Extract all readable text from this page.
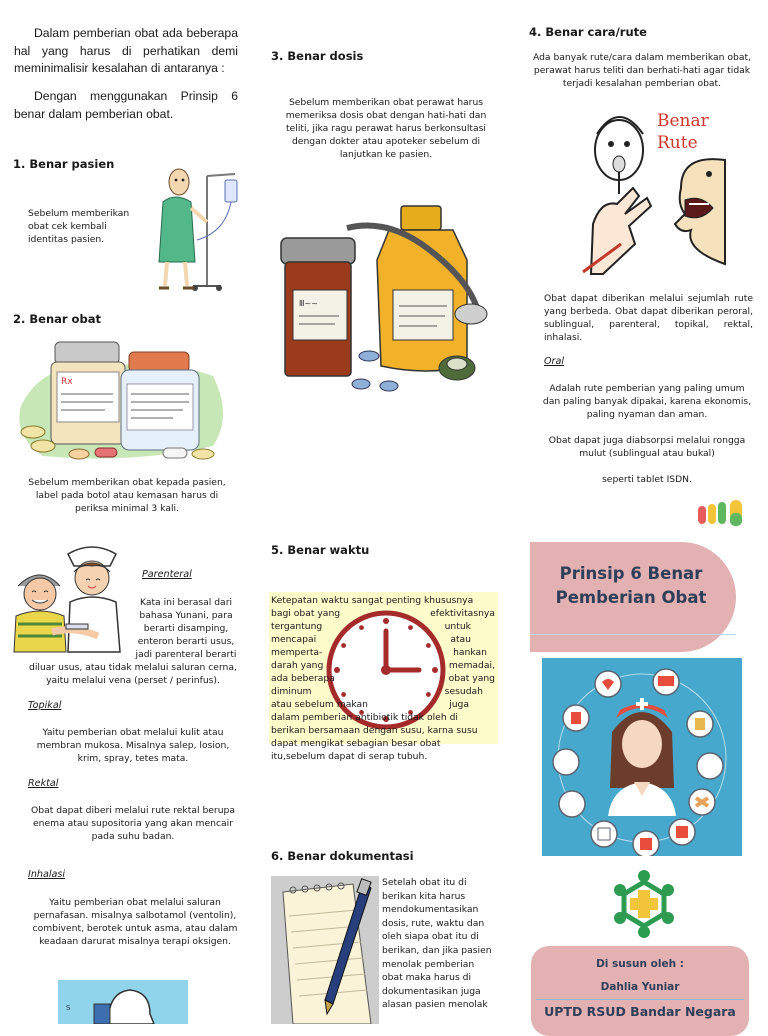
Dalam pemberian obat ada beberapa hal yang harus di perhatikan demi meminimalisir kesalahan di antaranya :
Dengan menggunakan Prinsip 6 benar dalam pemberian obat.
1. Benar pasien
Sebelum memberikan obat cek kembali identitas pasien.
2. Benar obat
Rx
Sebelum memberikan obat kepada pasien, label pada botol atau kemasan harus di periksa minimal 3 kali.
Parenteral
Kata ini berasal dari bahasa Yunani, para berarti disamping, enteron berarti usus, jadi parenteral berarti
diluar usus, atau tidak melalui saluran cerna, yaitu melalui vena (perset / perinfus).
Topikal
Yaitu pemberian obat melalui kulit atau membran mukosa. Misalnya salep, losion, krim, spray, tetes mata.
Rektal
Obat dapat diberi melalui rute rektal berupa enema atau supositoria yang akan mencair pada suhu badan.
Inhalasi
Yaitu pemberian obat melalui saluran pernafasan. misalnya salbotamol (ventolin), combivent, berotek untuk asma, atau dalam keadaan darurat misalnya terapi oksigen.
S
3. Benar dosis
Sebelum memberikan obat perawat harus memeriksa dosis obat dengan hati-hati dan teliti, jika ragu perawat harus berkonsultasi dengan dokter atau apoteker sebelum di lanjutkan ke pasien.
Ⅲ~~
5. Benar waktu
Ketepatan waktu sangat penting khususnya
bagi obat yang	efektivitasnya
tergantung	untuk
mencapai	atau
memperta-	hankan
darah yang	memadai,
ada beberapa	obat yang
diminum	sesudah
atau sebelum makan	juga
dalam pemberian antibiotik tidak oleh di
berikan bersamaan dengan susu, karna susu
dapat mengikat sebagian besar obat
itu,sebelum dapat di serap tubuh.
6. Benar dokumentasi
Setelah obat itu di berikan kita harus mendokumentasikan dosis, rute, waktu dan oleh siapa obat itu di berikan, dan jika pasien menolak pemberian obat maka harus di dokumentasikan juga alasan pasien menolak
4. Benar cara/rute
Ada banyak rute/cara dalam memberikan obat, perawat harus teliti dan berhati-hati agar tidak terjadi kesalahan pemberian obat.
Benar Rute
Obat dapat diberikan melalui sejumlah rute yang berbeda. Obat dapat diberikan peroral, sublingual, parenteral, topikal, rektal, inhalasi.
Oral
Adalah rute pemberian yang paling umum dan paling banyak dipakai, karena ekonomis, paling nyaman dan aman.
Obat dapat juga diabsorpsi melalui rongga mulut (sublingual atau bukal)
seperti tablet ISDN.
Prinsip 6 Benar Pemberian Obat
Di susun oleh :
Dahlia Yuniar
UPTD RSUD Bandar Negara
